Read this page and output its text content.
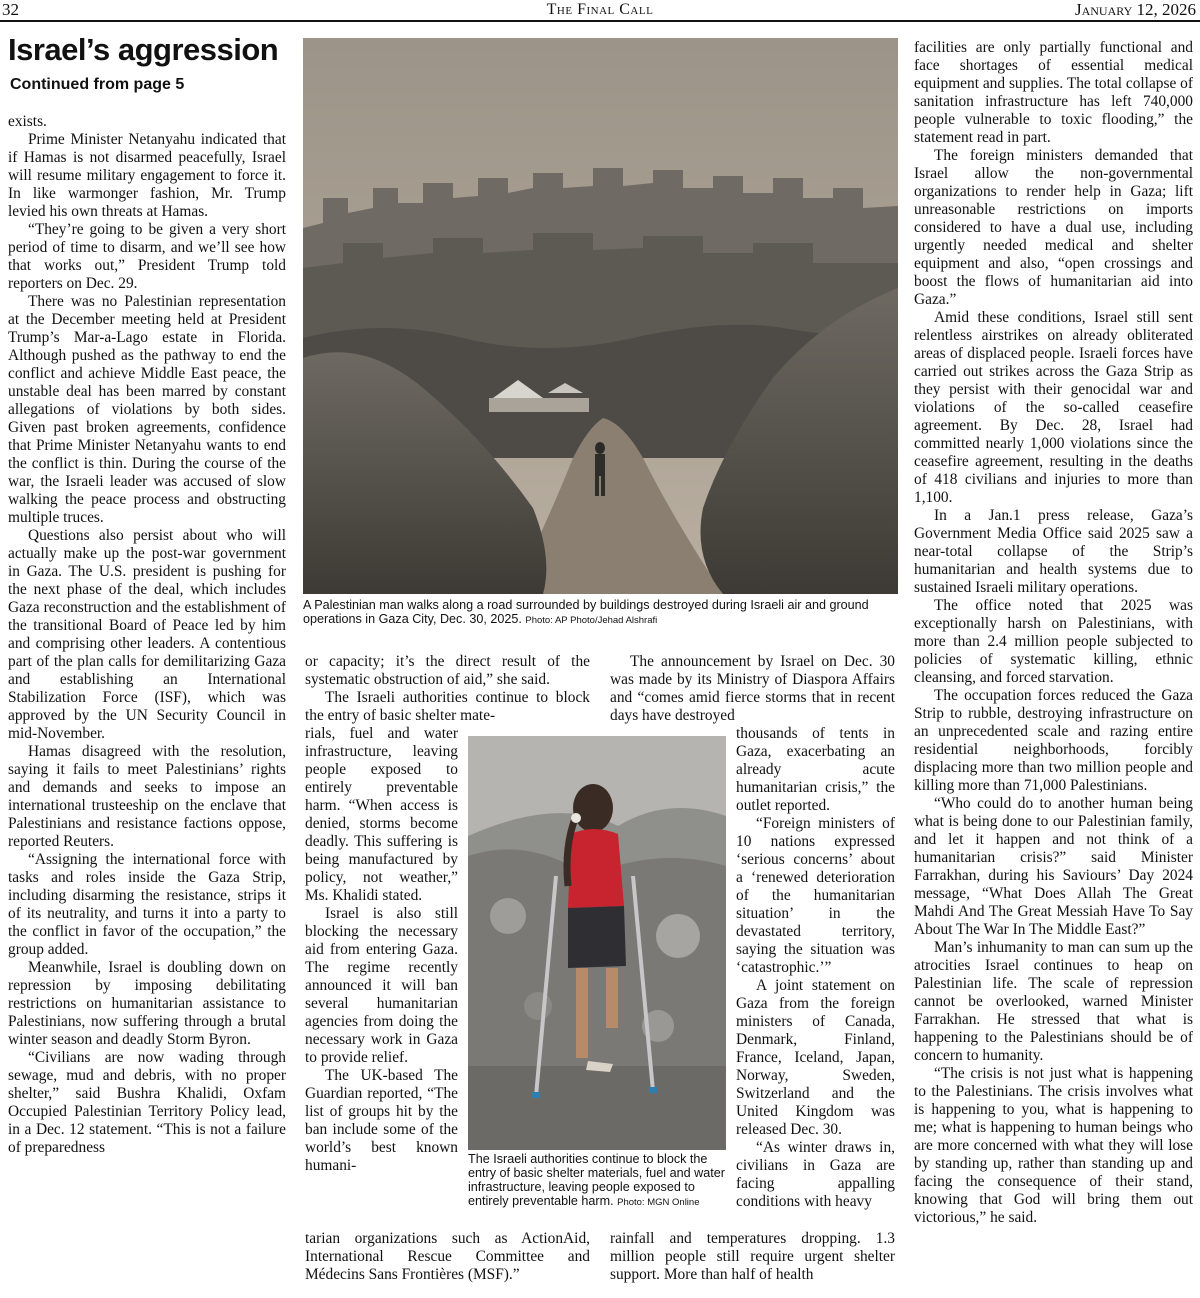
32	The Final Call	January 12, 2026
Israel’s aggression
Continued from page 5

exists.

Prime Minister Netanyahu indicated that if Hamas is not disarmed peacefully, Israel will resume military engagement to force it. In like warmonger fashion, Mr. Trump levied his own threats at Hamas.

“They’re going to be given a very short period of time to disarm, and we’ll see how that works out,” President Trump told reporters on Dec. 29.

There was no Palestinian representation at the December meeting held at President Trump’s Mar-a-Lago estate in Florida. Although pushed as the pathway to end the conflict and achieve Middle East peace, the unstable deal has been marred by constant allegations of violations by both sides. Given past broken agreements, confidence that Prime Minister Netanyahu wants to end the conflict is thin. During the course of the war, the Israeli leader was accused of slow walking the peace process and obstructing multiple truces.

Questions also persist about who will actually make up the post-war government in Gaza. The U.S. president is pushing for the next phase of the deal, which includes Gaza reconstruction and the establishment of the transitional Board of Peace led by him and comprising other leaders. A contentious part of the plan calls for demilitarizing Gaza and establishing an International Stabilization Force (ISF), which was approved by the UN Security Council in mid-November.

Hamas disagreed with the resolution, saying it fails to meet Palestinians’ rights and demands and seeks to impose an international trusteeship on the enclave that Palestinians and resistance factions oppose, reported Reuters.

“Assigning the international force with tasks and roles inside the Gaza Strip, including disarming the resistance, strips it of its neutrality, and turns it into a party to the conflict in favor of the occupation,” the group added.

Meanwhile, Israel is doubling down on repression by imposing debilitating restrictions on humanitarian assistance to Palestinians, now suffering through a brutal winter season and deadly Storm Byron.

“Civilians are now wading through sewage, mud and debris, with no proper shelter,” said Bushra Khalidi, Oxfam Occupied Palestinian Territory Policy lead, in a Dec. 12 statement. “This is not a failure of preparedness

A Palestinian man walks along a road surrounded by buildings destroyed during Israeli air and ground operations in Gaza City, Dec. 30, 2025. Photo: AP Photo/Jehad Alshrafi

or capacity; it’s the direct result of the systematic obstruction of aid,” she said.

The Israeli authorities continue to block the entry of basic shelter mate-

rials, fuel and water infrastructure, leaving people exposed to entirely preventable harm. “When access is denied, storms become deadly. This suffering is being manufactured by policy, not weather,” Ms. Khalidi stated.

Israel is also still blocking the necessary aid from entering Gaza. The regime recently announced it will ban several humanitarian agencies from doing the necessary work in Gaza to provide relief.

The UK-based The Guardian reported, “The list of groups hit by the ban include some of the world’s best known humani-

tarian organizations such as ActionAid, International Rescue Committee and Médecins Sans Frontières (MSF).”

The Israeli authorities continue to block the entry of basic shelter materials, fuel and water infrastructure, leaving people exposed to entirely preventable harm. Photo: MGN Online

The announcement by Israel on Dec. 30 was made by its Ministry of Diaspora Affairs and “comes amid fierce storms that in recent days have destroyed

thousands of tents in Gaza, exacerbating an already acute humanitarian crisis,” the outlet reported.

“Foreign ministers of 10 nations expressed ‘serious concerns’ about a ‘renewed deterioration of the humanitarian situation’ in the devastated territory, saying the situation was ‘catastrophic.’”

A joint statement on Gaza from the foreign ministers of Canada, Denmark, Finland, France, Iceland, Japan, Norway, Sweden, Switzerland and the United Kingdom was released Dec. 30.

“As winter draws in, civilians in Gaza are facing appalling conditions with heavy

rainfall and temperatures dropping. 1.3 million people still require urgent shelter support. More than half of health

facilities are only partially functional and face shortages of essential medical equipment and supplies. The total collapse of sanitation infrastructure has left 740,000 people vulnerable to toxic flooding,” the statement read in part.

The foreign ministers demanded that Israel allow the non-governmental organizations to render help in Gaza; lift unreasonable restrictions on imports considered to have a dual use, including urgently needed medical and shelter equipment and also, “open crossings and boost the flows of humanitarian aid into Gaza.”

Amid these conditions, Israel still sent relentless airstrikes on already obliterated areas of displaced people. Israeli forces have carried out strikes across the Gaza Strip as they persist with their genocidal war and violations of the so-called ceasefire agreement. By Dec. 28, Israel had committed nearly 1,000 violations since the ceasefire agreement, resulting in the deaths of 418 civilians and injuries to more than 1,100.

In a Jan.1 press release, Gaza’s Government Media Office said 2025 saw a near-total collapse of the Strip’s humanitarian and health systems due to sustained Israeli military operations.

The office noted that 2025 was exceptionally harsh on Palestinians, with more than 2.4 million people subjected to policies of systematic killing, ethnic cleansing, and forced starvation.

The occupation forces reduced the Gaza Strip to rubble, destroying infrastructure on an unprecedented scale and razing entire residential neighborhoods, forcibly displacing more than two million people and killing more than 71,000 Palestinians.

“Who could do to another human being what is being done to our Palestinian family, and let it happen and not think of a humanitarian crisis?” said Minister Farrakhan, during his Saviours’ Day 2024 message, “What Does Allah The Great Mahdi And The Great Messiah Have To Say About The War In The Middle East?”

Man’s inhumanity to man can sum up the atrocities Israel continues to heap on Palestinian life. The scale of repression cannot be overlooked, warned Minister Farrakhan. He stressed that what is happening to the Palestinians should be of concern to humanity.

“The crisis is not just what is happening to the Palestinians. The crisis involves what is happening to you, what is happening to me; what is happening to human beings who are more concerned with what they will lose by standing up, rather than standing up and facing the consequence of their stand, knowing that God will bring them out victorious,” he said.
